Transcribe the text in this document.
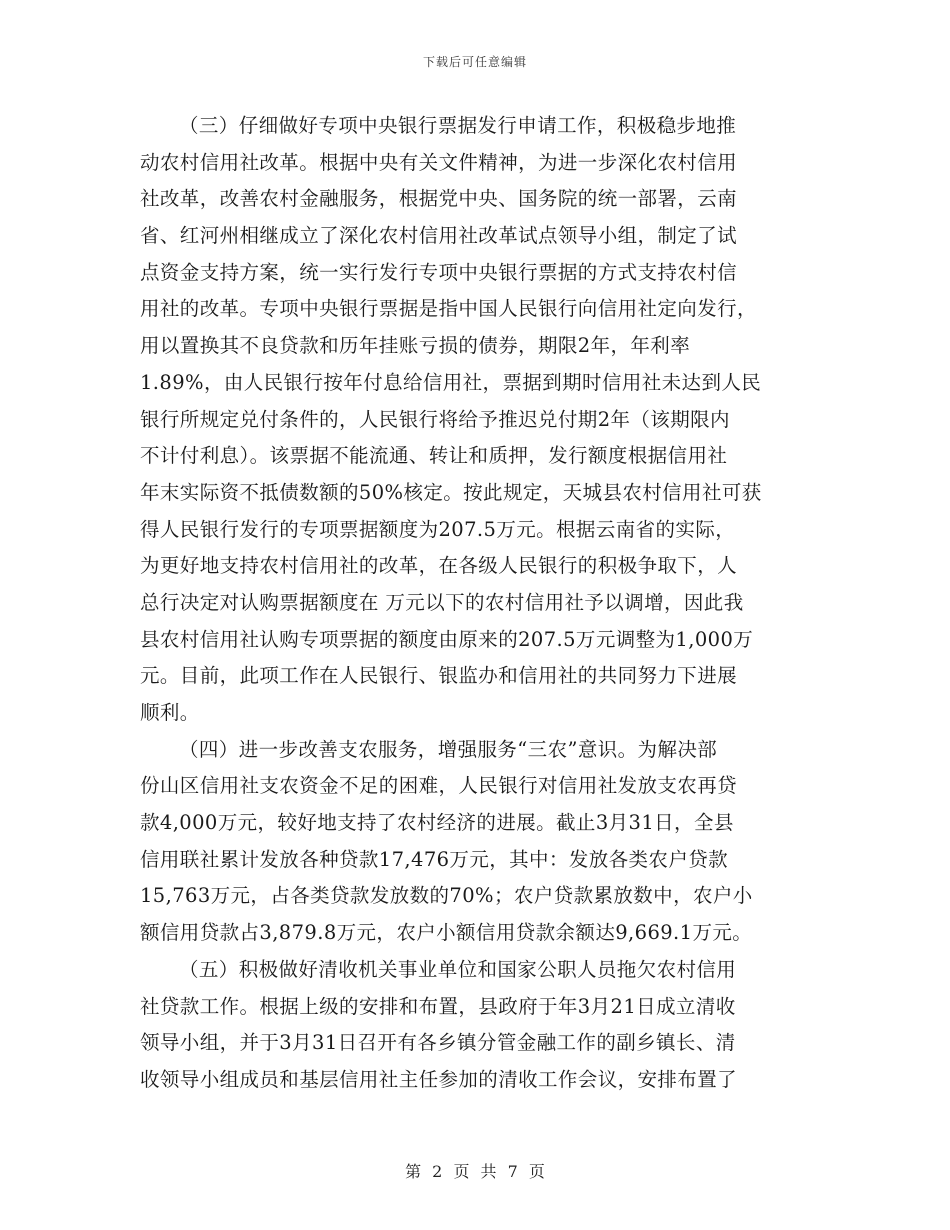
下载后可任意编辑
（三）仔细做好专项中央银行票据发行申请工作，积极稳步地推
动农村信用社改革。根据中央有关文件精神，为进一步深化农村信用
社改革，改善农村金融服务，根据党中央、国务院的统一部署，云南
省、红河州相继成立了深化农村信用社改革试点领导小组，制定了试
点资金支持方案，统一实行发行专项中央银行票据的方式支持农村信
用社的改革。专项中央银行票据是指中国人民银行向信用社定向发行，
用以置换其不良贷款和历年挂账亏损的债券，期限2年，年利率
1.89%，由人民银行按年付息给信用社，票据到期时信用社未达到人民
银行所规定兑付条件的，人民银行将给予推迟兑付期2年（该期限内
不计付利息）。该票据不能流通、转让和质押，发行额度根据信用社
年末实际资不抵债数额的50%核定。按此规定，天城县农村信用社可获
得人民银行发行的专项票据额度为207.5万元。根据云南省的实际，
为更好地支持农村信用社的改革，在各级人民银行的积极争取下，人
总行决定对认购票据额度在 万元以下的农村信用社予以调增，因此我
县农村信用社认购专项票据的额度由原来的207.5万元调整为1,000万
元。目前，此项工作在人民银行、银监办和信用社的共同努力下进展
顺利。
（四）进一步改善支农服务，增强服务“三农”意识。为解决部
份山区信用社支农资金不足的困难，人民银行对信用社发放支农再贷
款4,000万元，较好地支持了农村经济的进展。截止3月31日，全县
信用联社累计发放各种贷款17,476万元，其中：发放各类农户贷款
15,763万元，占各类贷款发放数的70%；农户贷款累放数中，农户小
额信用贷款占3,879.8万元，农户小额信用贷款余额达9,669.1万元。
（五）积极做好清收机关事业单位和国家公职人员拖欠农村信用
社贷款工作。根据上级的安排和布置，县政府于年3月21日成立清收
领导小组，并于3月31日召开有各乡镇分管金融工作的副乡镇长、清
收领导小组成员和基层信用社主任参加的清收工作会议，安排布置了
第 2 页 共 7 页
